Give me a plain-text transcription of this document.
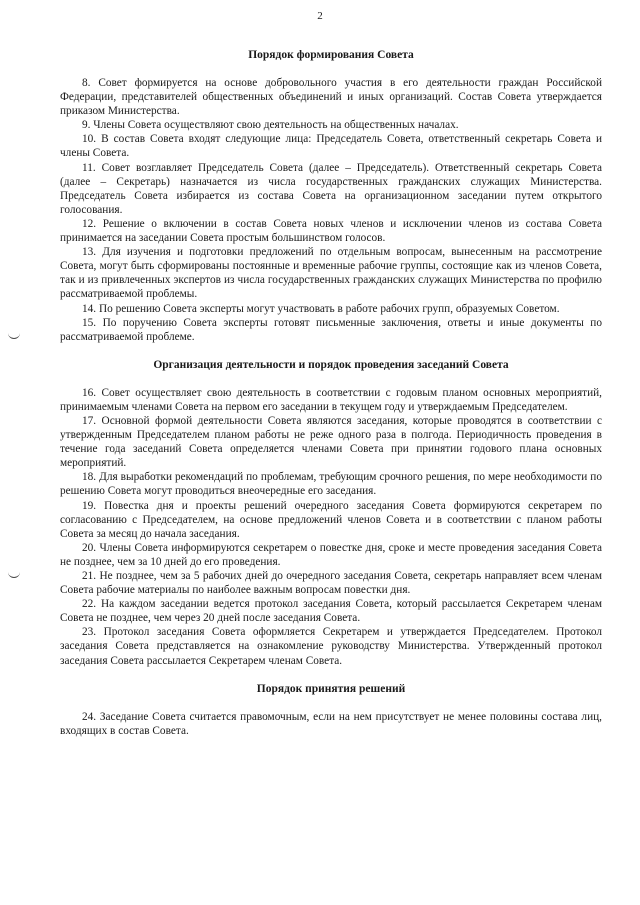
2
Порядок формирования Совета

8. Совет формируется на основе добровольного участия в его деятельности граждан Российской Федерации, представителей общественных объединений и иных организаций. Состав Совета утверждается приказом Министерства.

9. Члены Совета осуществляют свою деятельность на общественных началах.

10. В состав Совета входят следующие лица: Председатель Совета, ответственный секретарь Совета и члены Совета.

11. Совет возглавляет Председатель Совета (далее – Председатель). Ответственный секретарь Совета (далее – Секретарь) назначается из числа государственных гражданских служащих Министерства. Председатель Совета избирается из состава Совета на организационном заседании путем открытого голосования.

12. Решение о включении в состав Совета новых членов и исключении членов из состава Совета принимается на заседании Совета простым большинством голосов.

13. Для изучения и подготовки предложений по отдельным вопросам, вынесенным на рассмотрение Совета, могут быть сформированы постоянные и временные рабочие группы, состоящие как из членов Совета, так и из привлеченных экспертов из числа государственных гражданских служащих Министерства по профилю рассматриваемой проблемы.

14. По решению Совета эксперты могут участвовать в работе рабочих групп, образуемых Советом.

15. По поручению Совета эксперты готовят письменные заключения, ответы и иные документы по рассматриваемой проблеме.

Организация деятельности и порядок проведения заседаний Совета

16. Совет осуществляет свою деятельность в соответствии с годовым планом основных мероприятий, принимаемым членами Совета на первом его заседании в текущем году и утверждаемым Председателем.

17. Основной формой деятельности Совета являются заседания, которые проводятся в соответствии с утвержденным Председателем планом работы не реже одного раза в полгода. Периодичность проведения в течение года заседаний Совета определяется членами Совета при принятии годового плана основных мероприятий.

18. Для выработки рекомендаций по проблемам, требующим срочного решения, по мере необходимости по решению Совета могут проводиться внеочередные его заседания.

19. Повестка дня и проекты решений очередного заседания Совета формируются секретарем по согласованию с Председателем, на основе предложений членов Совета и в соответствии с планом работы Совета за месяц до начала заседания.

20. Члены Совета информируются секретарем о повестке дня, сроке и месте проведения заседания Совета не позднее, чем за 10 дней до его проведения.

21. Не позднее, чем за 5 рабочих дней до очередного заседания Совета, секретарь направляет всем членам Совета рабочие материалы по наиболее важным вопросам повестки дня.

22. На каждом заседании ведется протокол заседания Совета, который рассылается Секретарем членам Совета не позднее, чем через 20 дней после заседания Совета.

23. Протокол заседания Совета оформляется Секретарем и утверждается Председателем. Протокол заседания Совета представляется на ознакомление руководству Министерства. Утвержденный протокол заседания Совета рассылается Секретарем членам Совета.

Порядок принятия решений

24. Заседание Совета считается правомочным, если на нем присутствует не менее половины состава лиц, входящих в состав Совета.
